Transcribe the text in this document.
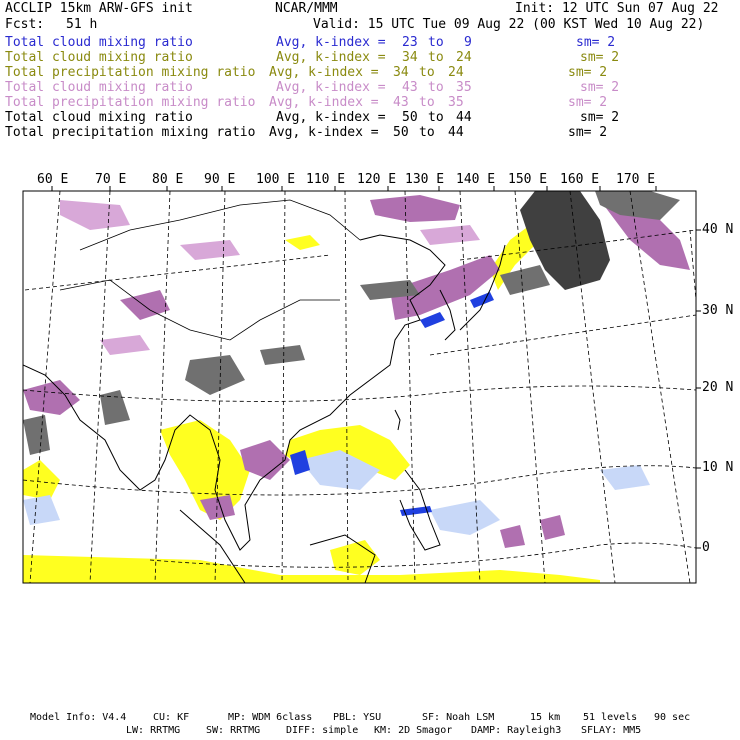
ACCLIP 15km ARW-GFS init	NCAR/MMM	Init: 12 UTC Sun 07 Aug 22
Fcst: 51 h	Valid: 15 UTC Tue 09 Aug 22 (00 KST Wed 10 Aug 22)
Total cloud mixing ratio	Avg, k-index = 23 to 9	sm= 2
Total cloud mixing ratio	Avg, k-index = 34 to 24	sm= 2
Total precipitation mixing ratio Avg, k-index = 34 to 24	sm= 2
Total cloud mixing ratio	Avg, k-index = 43 to 35	sm= 2
Total precipitation mixing ratio Avg, k-index = 43 to 35	sm= 2
Total cloud mixing ratio	Avg, k-index = 50 to 44	sm= 2
Total precipitation mixing ratio Avg, k-index = 50 to 44	sm= 2
60 E 70 E 80 E 90 E 100 E 110 E 120 E 130 E 140 E 150 E 160 E 170 E
40 N
30 N
20 N
10 N
0
Model Info: V4.4	CU: KF	MP: WDM 6class PBL: YSU	SF: Noah LSM	15 km 51 levels 90 sec
LW: RRTMG	SW: RRTMG	DIFF: simple KM: 2D Smagor DAMP: Rayleigh3 SFLAY: MM5
